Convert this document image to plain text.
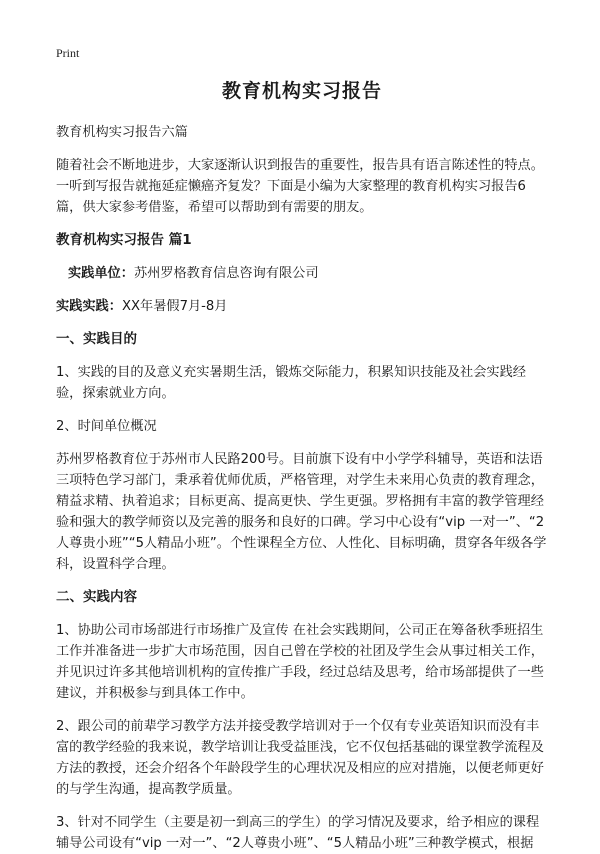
Print
教育机构实习报告

教育机构实习报告六篇

随着社会不断地进步，大家逐渐认识到报告的重要性，报告具有语言陈述性的特点。一听到写报告就拖延症懒癌齐复发？下面是小编为大家整理的教育机构实习报告6篇，供大家参考借鉴，希望可以帮助到有需要的朋友。

教育机构实习报告 篇1

实践单位：苏州罗格教育信息咨询有限公司

实践实践：XX年暑假7月-8月

一、实践目的

1、实践的目的及意义充实暑期生活，锻炼交际能力，积累知识技能及社会实践经验，探索就业方向。

2、时间单位概况

苏州罗格教育位于苏州市人民路200号。目前旗下设有中小学学科辅导，英语和法语三项特色学习部门，秉承着优师优质，严格管理，对学生未来用心负责的教育理念，精益求精、执着追求；目标更高、提高更快、学生更强。罗格拥有丰富的教学管理经验和强大的教学师资以及完善的服务和良好的口碑。学习中心设有“vip 一对一”、“2人尊贵小班”“5人精品小班”。个性课程全方位、人性化、目标明确，贯穿各年级各学科，设置科学合理。

二、实践内容

1、协助公司市场部进行市场推广及宣传 在社会实践期间，公司正在筹备秋季班招生工作并准备进一步扩大市场范围，因自己曾在学校的社团及学生会从事过相关工作，并见识过许多其他培训机构的宣传推广手段，经过总结及思考，给市场部提供了一些建议，并积极参与到具体工作中。

2、跟公司的前辈学习教学方法并接受教学培训对于一个仅有专业英语知识而没有丰富的教学经验的我来说，教学培训让我受益匪浅，它不仅包括基础的课堂教学流程及方法的教授，还会介绍各个年龄段学生的心理状况及相应的应对措施，以便老师更好的与学生沟通，提高教学质量。

3、针对不同学生（主要是初一到高三的学生）的学习情况及要求，给予相应的课程辅导公司设有“vip 一对一”、“2人尊贵小班”、“5人精品小班”三种教学模式，根据
